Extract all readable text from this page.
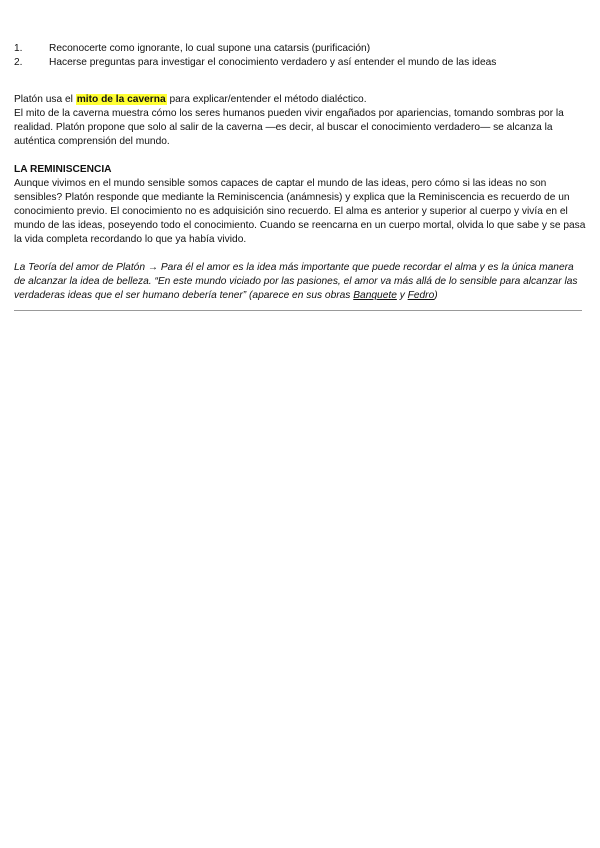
1.	Reconocerte como ignorante, lo cual supone una catarsis (purificación)
2.	Hacerse preguntas para investigar el conocimiento verdadero y así entender el mundo de las ideas

Platón usa el mito de la caverna para explicar/entender el método dialéctico.

El mito de la caverna muestra cómo los seres humanos pueden vivir engañados por apariencias, tomando sombras por la realidad. Platón propone que solo al salir de la caverna —es decir, al buscar el conocimiento verdadero— se alcanza la auténtica comprensión del mundo.

LA REMINISCENCIA

Aunque vivimos en el mundo sensible somos capaces de captar el mundo de las ideas, pero cómo si las ideas no son sensibles? Platón responde que mediante la Reminiscencia (anámnesis) y explica que la Reminiscencia es recuerdo de un conocimiento previo. El conocimiento no es adquisición sino recuerdo. El alma es anterior y superior al cuerpo y vivía en el mundo de las ideas, poseyendo todo el conocimiento. Cuando se reencarna en un cuerpo mortal, olvida lo que sabe y se pasa la vida completa recordando lo que ya había vivido.

La Teoría del amor de Platón → Para él el amor es la idea más importante que puede recordar el alma y es la única manera de alcanzar la idea de belleza. “En este mundo viciado por las pasiones, el amor va más allá de lo sensible para alcanzar las verdaderas ideas que el ser humano debería tener” (aparece en sus obras Banquete y Fedro)
